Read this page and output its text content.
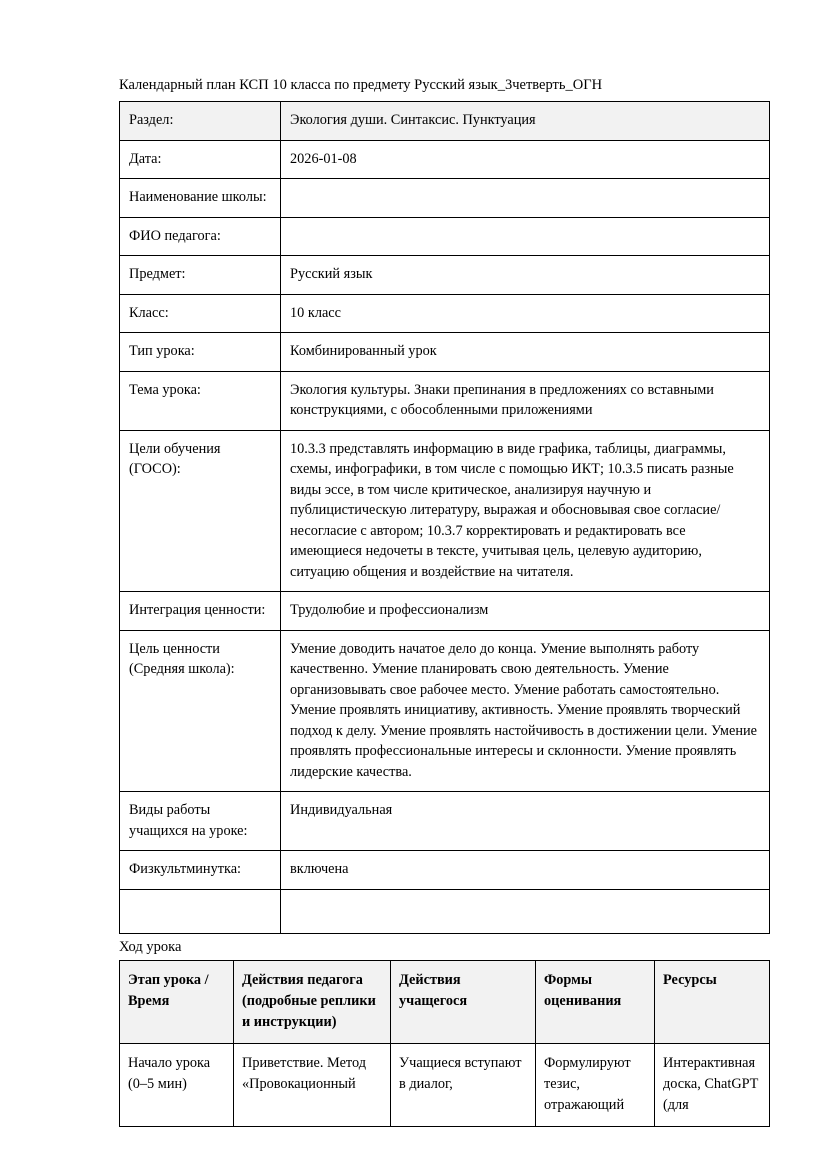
Календарный план КСП 10 класса по предмету Русский язык_3четверть_ОГН
Раздел:	Экология души. Синтаксис. Пунктуация
Дата:	2026-01-08
Наименование школы:	
ФИО педагога:	
Предмет:	Русский язык
Класс:	10 класс
Тип урока:	Комбинированный урок
Тема урока:	Экология культуры. Знаки препинания в предложениях со вставными конструкциями, с обособленными приложениями
Цели обучения (ГОСО):	10.3.3 представлять информацию в виде графика, таблицы, диаграммы, схемы, инфографики, в том числе с помощью ИКТ; 10.3.5 писать разные виды эссе, в том числе критическое, анализируя научную и публицистическую литературу, выражая и обосновывая свое согласие/несогласие с автором; 10.3.7 корректировать и редактировать все имеющиеся недочеты в тексте, учитывая цель, целевую аудиторию, ситуацию общения и воздействие на читателя.
Интеграция ценности:	Трудолюбие и профессионализм
Цель ценности (Средняя школа):	Умение доводить начатое дело до конца. Умение выполнять работу качественно. Умение планировать свою деятельность. Умение организовывать свое рабочее место. Умение работать самостоятельно. Умение проявлять инициативу, активность. Умение проявлять творческий подход к делу. Умение проявлять настойчивость в достижении цели. Умение проявлять профессиональные интересы и склонности. Умение проявлять лидерские качества.
Виды работы учащихся на уроке:	Индивидуальная
Физкультминутка:	включена

Ход урока
Этап урока / Время	Действия педагога (подробные реплики и инструкции)	Действия учащегося	Формы оценивания	Ресурсы
Начало урока (0–5 мин)	Приветствие. Метод «Провокационный	Учащиеся вступают в диалог,	Формулируют тезис, отражающий	Интерактивная доска, ChatGPT (для
